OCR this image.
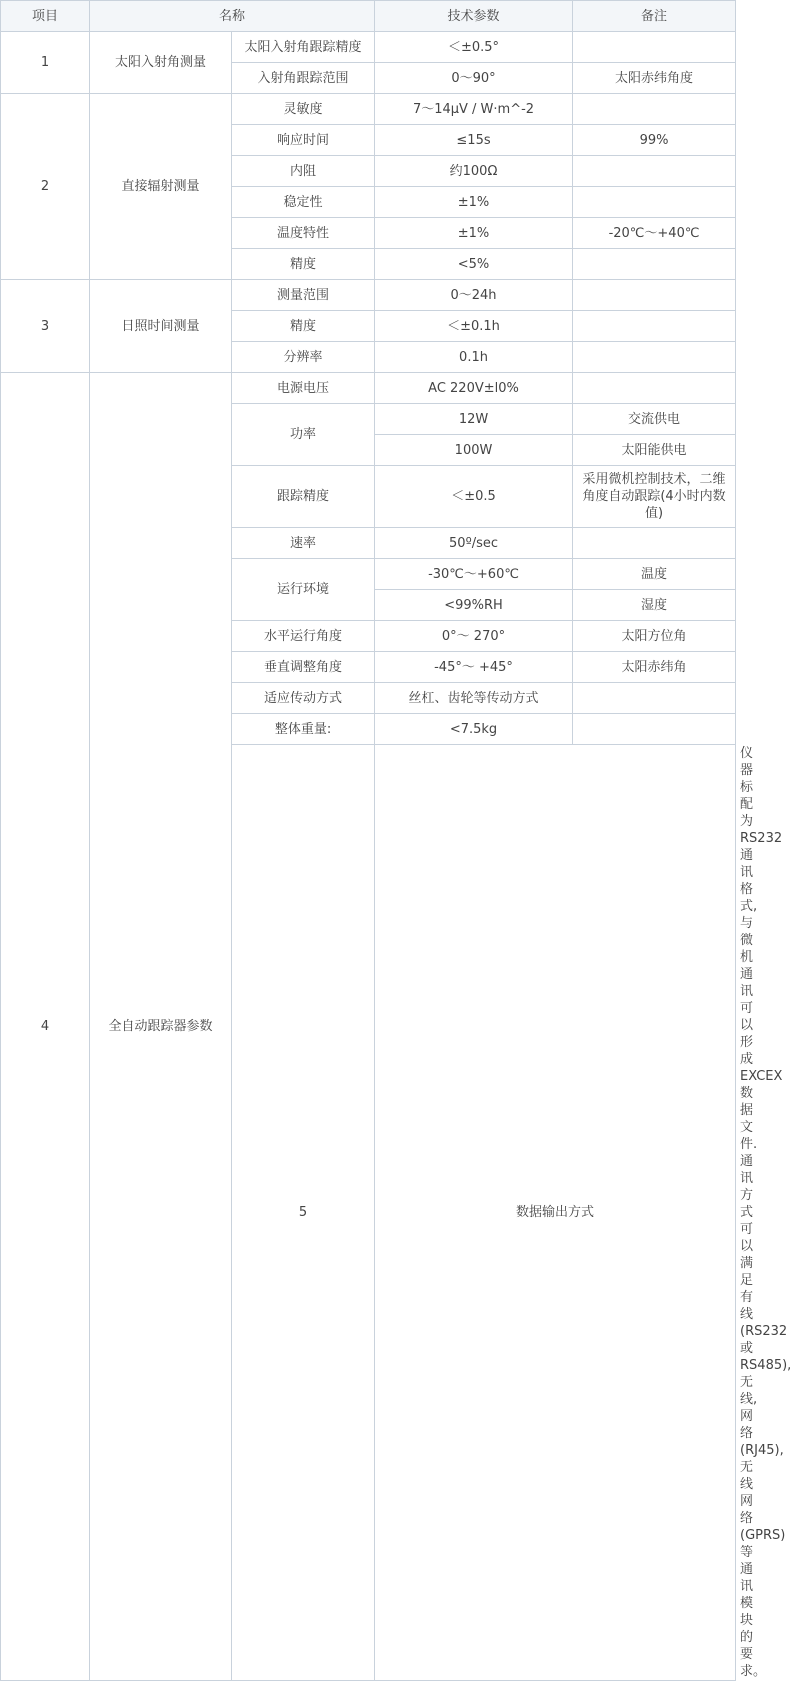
项目	名称		技术参数	备注	
1	太阳入射角测量	太阳入射角跟踪精度	＜±0.5°		
		入射角跟踪范围	0～90°	太阳赤纬角度	
2	直接辐射测量	灵敏度	7～14μV / W·m^-2		
		响应时间	≤15s	99%	
		内阻	约100Ω		
		稳定性	±1%		
		温度特性	±1%	-20℃～+40℃	
		精度	<5%		
3	日照时间测量	测量范围	0～24h		
		精度	＜±0.1h		
		分辨率	0.1h		
4	全自动跟踪器参数	电源电压	AC 220V±l0%		
		功率	12W	交流供电	
			100W	太阳能供电	
		跟踪精度	＜±0.5	采用微机控制技术，二维角度自动跟踪(4小时内数值)	
		速率	50º/sec		
		运行环境	-30℃～+60℃	温度	
			<99%RH	湿度	
		水平运行角度	0°～ 270°	太阳方位角	
		垂直调整角度	-45°～ +45°	太阳赤纬角	
		适应传动方式	丝杠、齿轮等传动方式		
		整体重量:	<7.5kg		
		5	数据输出方式		仪器标配为RS232通讯格式,与微机通讯可以形成EXCEX数据文件.通讯方式可以满足有线(RS232或RS485),无线,网络(RJ45),无线网络(GPRS)等通讯模块的要求。	
